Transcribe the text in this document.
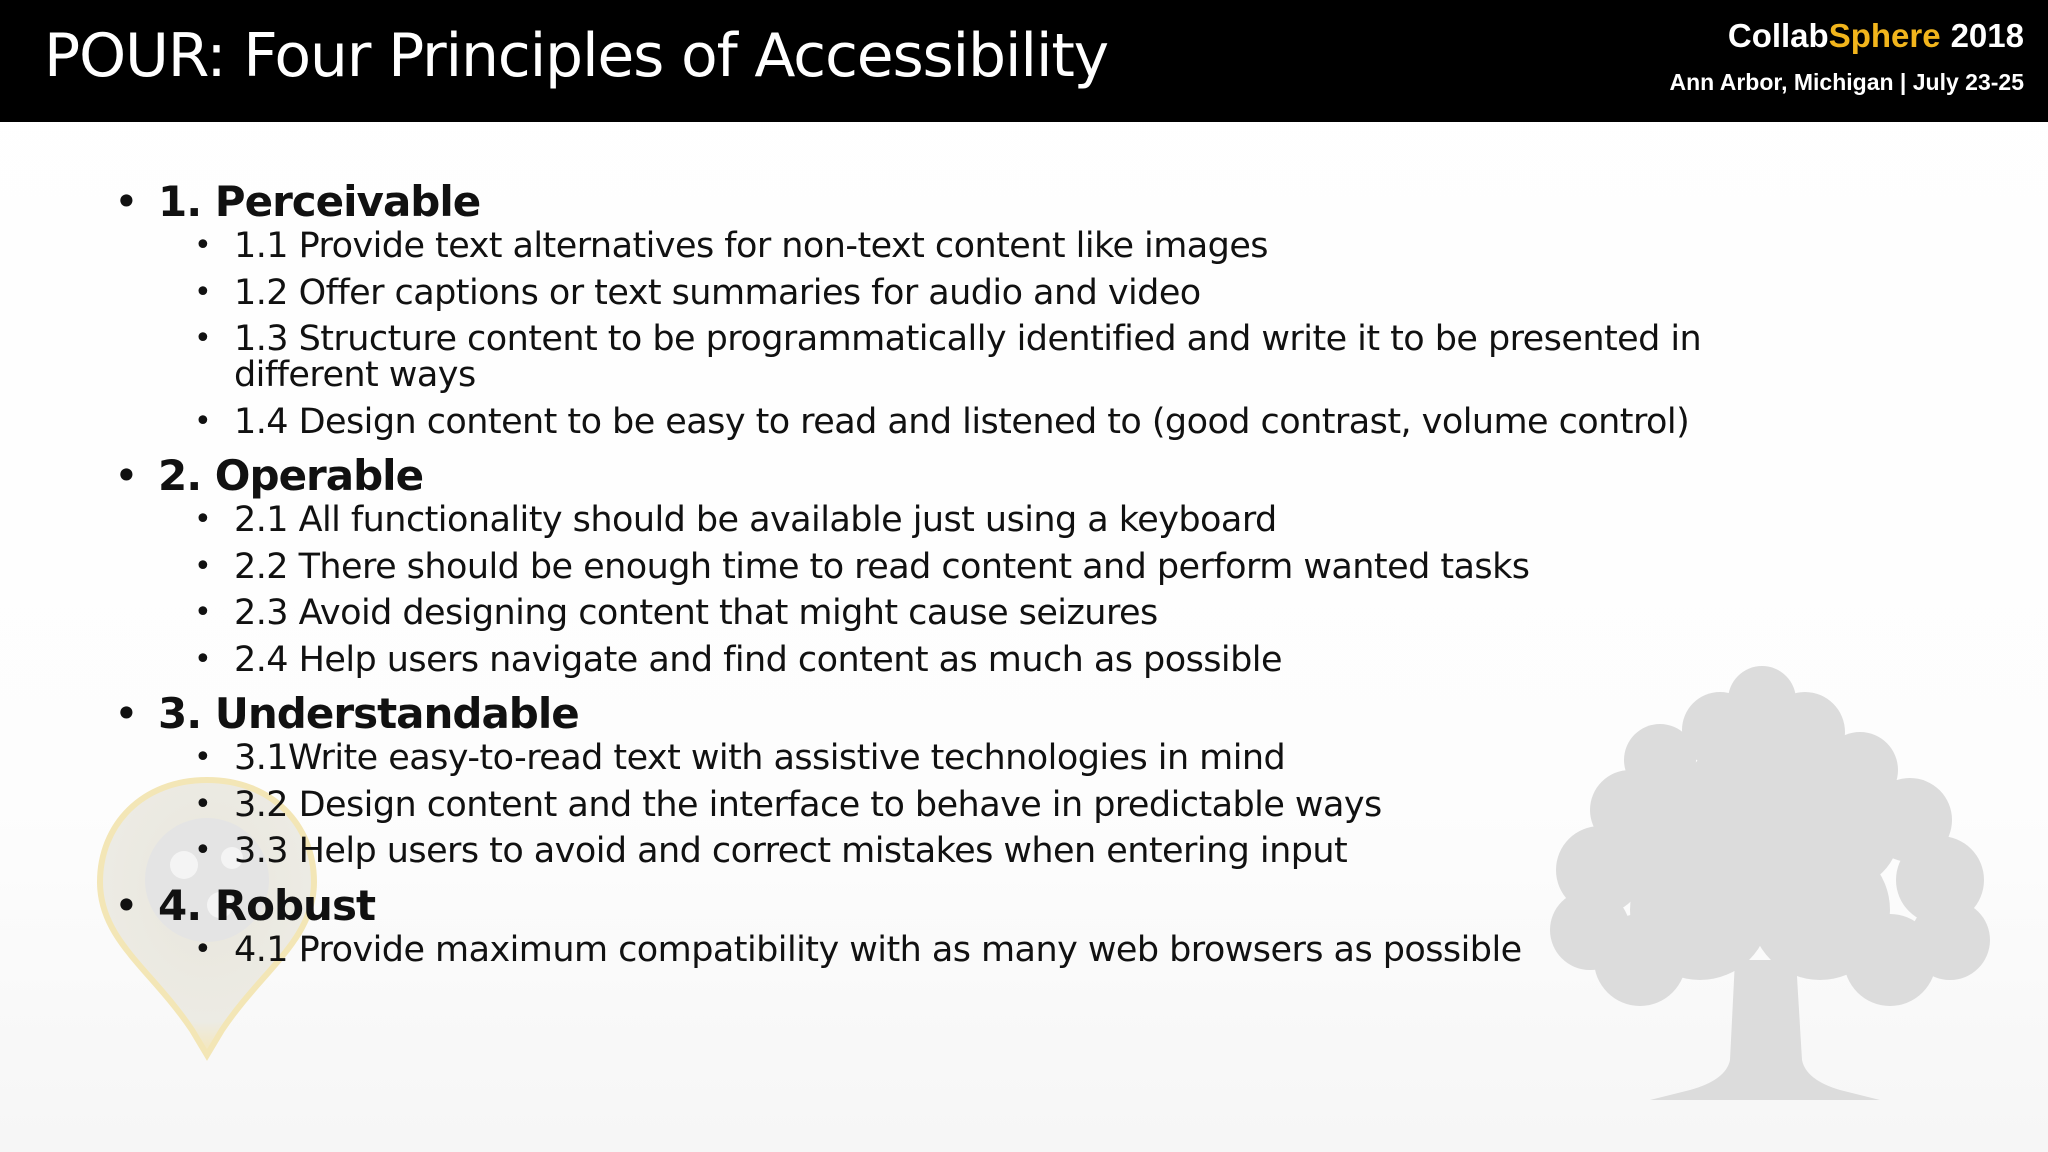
POUR: Four Principles of Accessibility	CollabSphere 2018
Ann Arbor, Michigan | July 23-25
• 1. Perceivable
• 1.1 Provide text alternatives for non-text content like images
• 1.2 Offer captions or text summaries for audio and video
• 1.3 Structure content to be programmatically identified and write it to be presented in different ways
• 1.4 Design content to be easy to read and listened to (good contrast, volume control)
• 2. Operable
• 2.1 All functionality should be available just using a keyboard
• 2.2 There should be enough time to read content and perform wanted tasks
• 2.3 Avoid designing content that might cause seizures
• 2.4 Help users navigate and find content as much as possible
• 3. Understandable
• 3.1Write easy-to-read text with assistive technologies in mind
• 3.2 Design content and the interface to behave in predictable ways
• 3.3 Help users to avoid and correct mistakes when entering input
• 4. Robust
• 4.1 Provide maximum compatibility with as many web browsers as possible
